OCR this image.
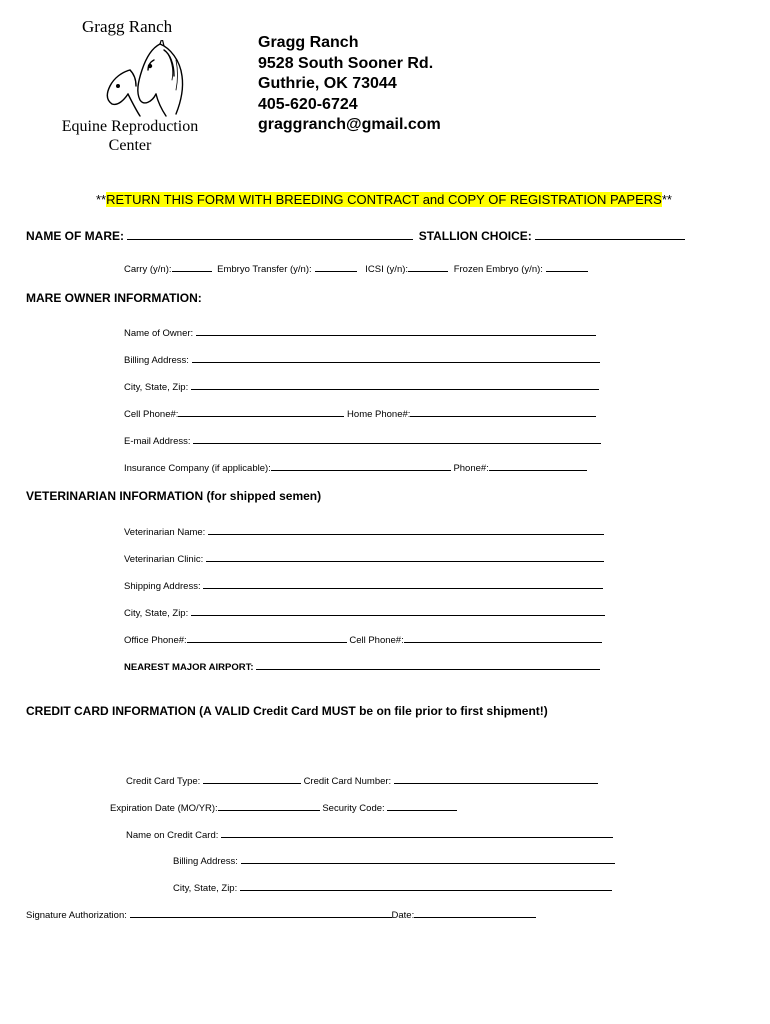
Gragg Ranch
Equine Reproduction
Center
Gragg Ranch
9528 South Sooner Rd.
Guthrie, OK 73044
405-620-6724
graggranch@gmail.com
**RETURN THIS FORM WITH BREEDING CONTRACT and COPY OF REGISTRATION PAPERS**
NAME OF MARE:	STALLION CHOICE:
Carry (y/n):	Embryo Transfer (y/n):	ICSI (y/n):	Frozen Embryo (y/n):
MARE OWNER INFORMATION:
Name of Owner:
Billing Address:
City, State, Zip:
Cell Phone#:	Home Phone#:
E-mail Address:
Insurance Company (if applicable):	Phone#:
VETERINARIAN INFORMATION (for shipped semen)
Veterinarian Name:
Veterinarian Clinic:
Shipping Address:
City, State, Zip:
Office Phone#:	Cell Phone#:
NEAREST MAJOR AIRPORT:
CREDIT CARD INFORMATION (A VALID Credit Card MUST be on file prior to first shipment!)
Credit Card Type:	Credit Card Number:
Expiration Date (MO/YR):	Security Code:
Name on Credit Card:
Billing Address:
City, State, Zip:
Signature Authorization:	Date:
